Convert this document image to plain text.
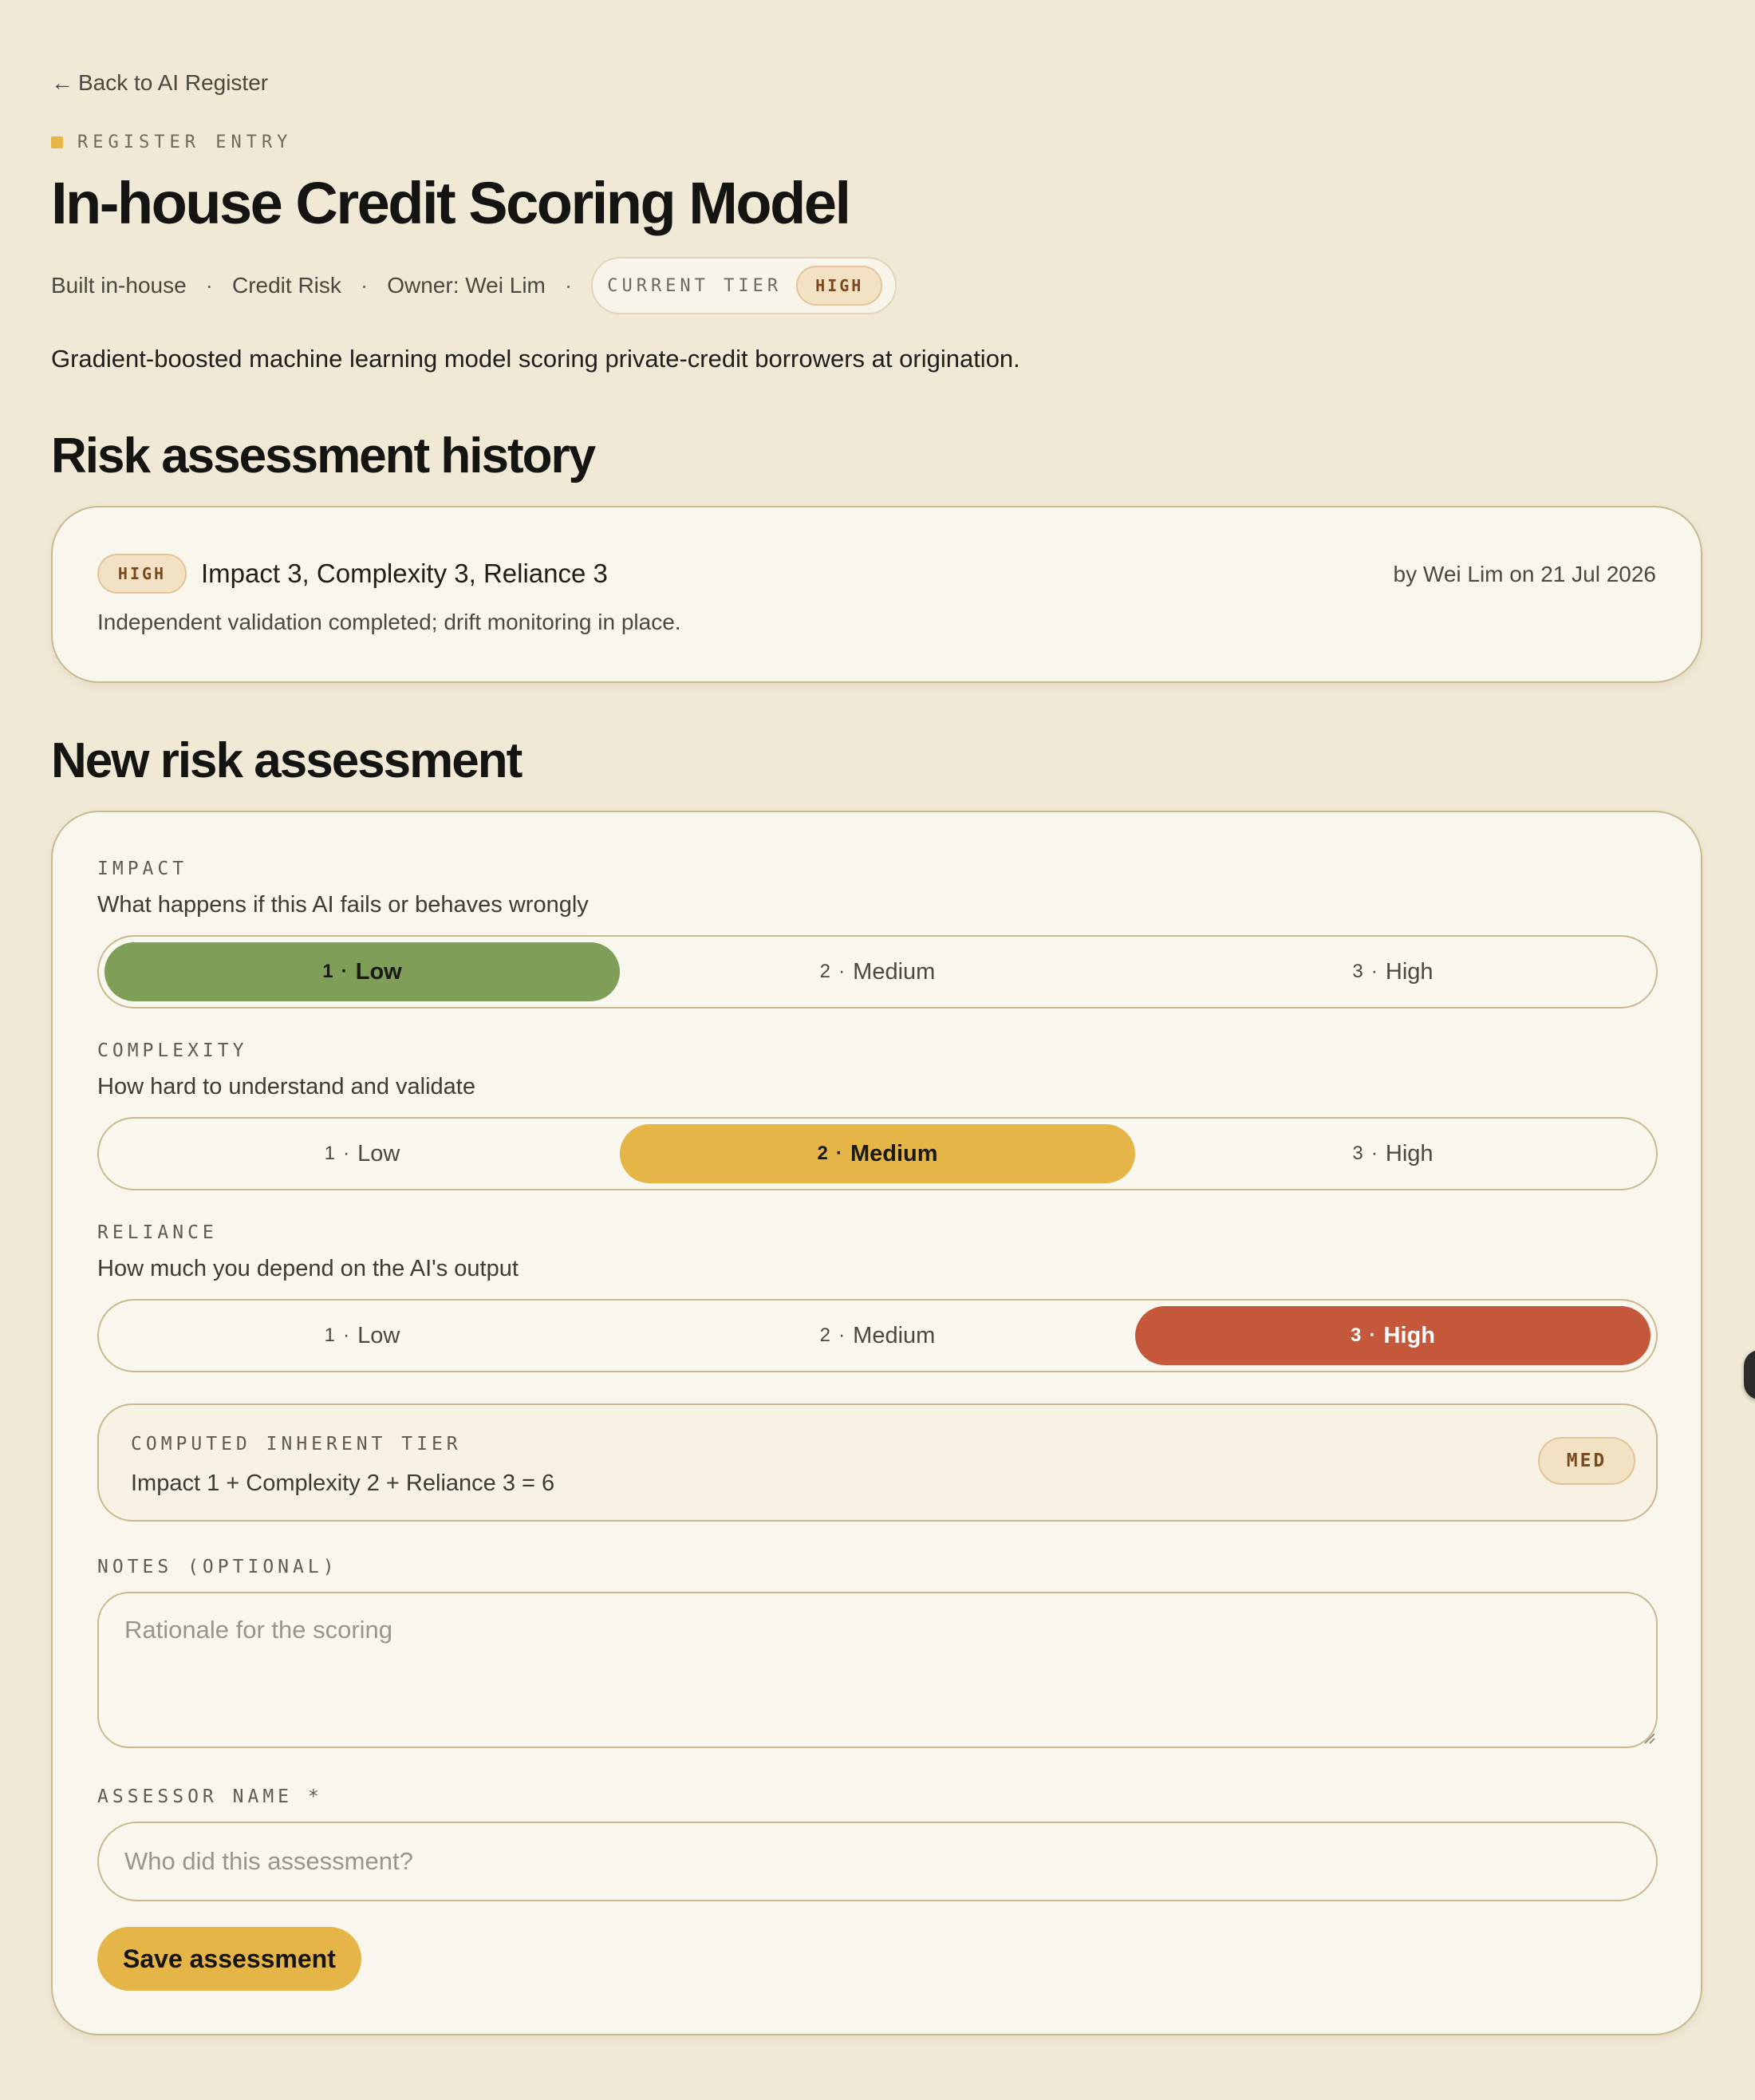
← Back to AI Register
REGISTER ENTRY
In-house Credit Scoring Model
Built in-house · Credit Risk · Owner: Wei Lim · CURRENT TIER	HIGH

Gradient-boosted machine learning model scoring private-credit borrowers at origination.

Risk assessment history
HIGH	Impact 3, Complexity 3, Reliance 3	by Wei Lim on 21 Jul 2026
Independent validation completed; drift monitoring in place.
New risk assessment
IMPACT
What happens if this AI fails or behaves wrongly
1
·
Low	2
·
Medium	3
·
High
COMPLEXITY
How hard to understand and validate
1
·
Low	2
·
Medium	3
·
High
RELIANCE
How much you depend on the AI's output
1
·
Low	2
·
Medium	3
·
High
COMPUTED INHERENT TIER
Impact 1 + Complexity 2 + Reliance 3 = 6
MED
NOTES (OPTIONAL)
Rationale for the scoring
ASSESSOR NAME *
Who did this assessment?
Save assessment
